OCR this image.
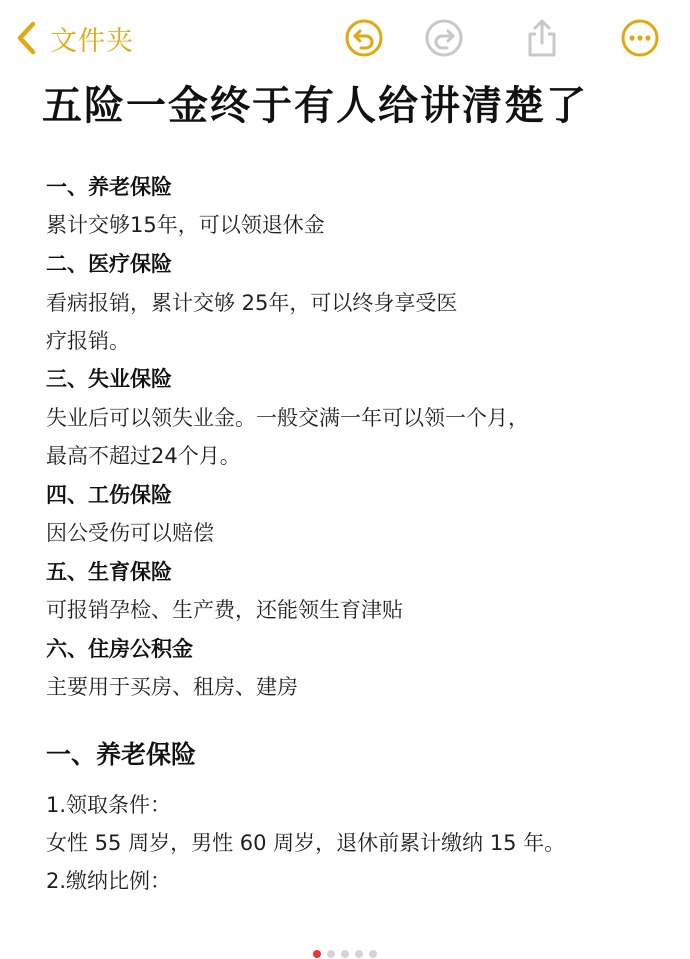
文件夹
五险一金终于有人给讲清楚了
一、养老保险
累计交够15年，可以领退休金
二、医疗保险
看病报销，累计交够 25年，可以终身享受医
疗报销。
三、失业保险
失业后可以领失业金。一般交满一年可以领一个月，
最高不超过24个月。
四、工伤保险
因公受伤可以赔偿
五、生育保险
可报销孕检、生产费，还能领生育津贴
六、住房公积金
主要用于买房、租房、建房
一、养老保险
1.领取条件：
女性 55 周岁，男性 60 周岁，退休前累计缴纳 15 年。
2.缴纳比例：
